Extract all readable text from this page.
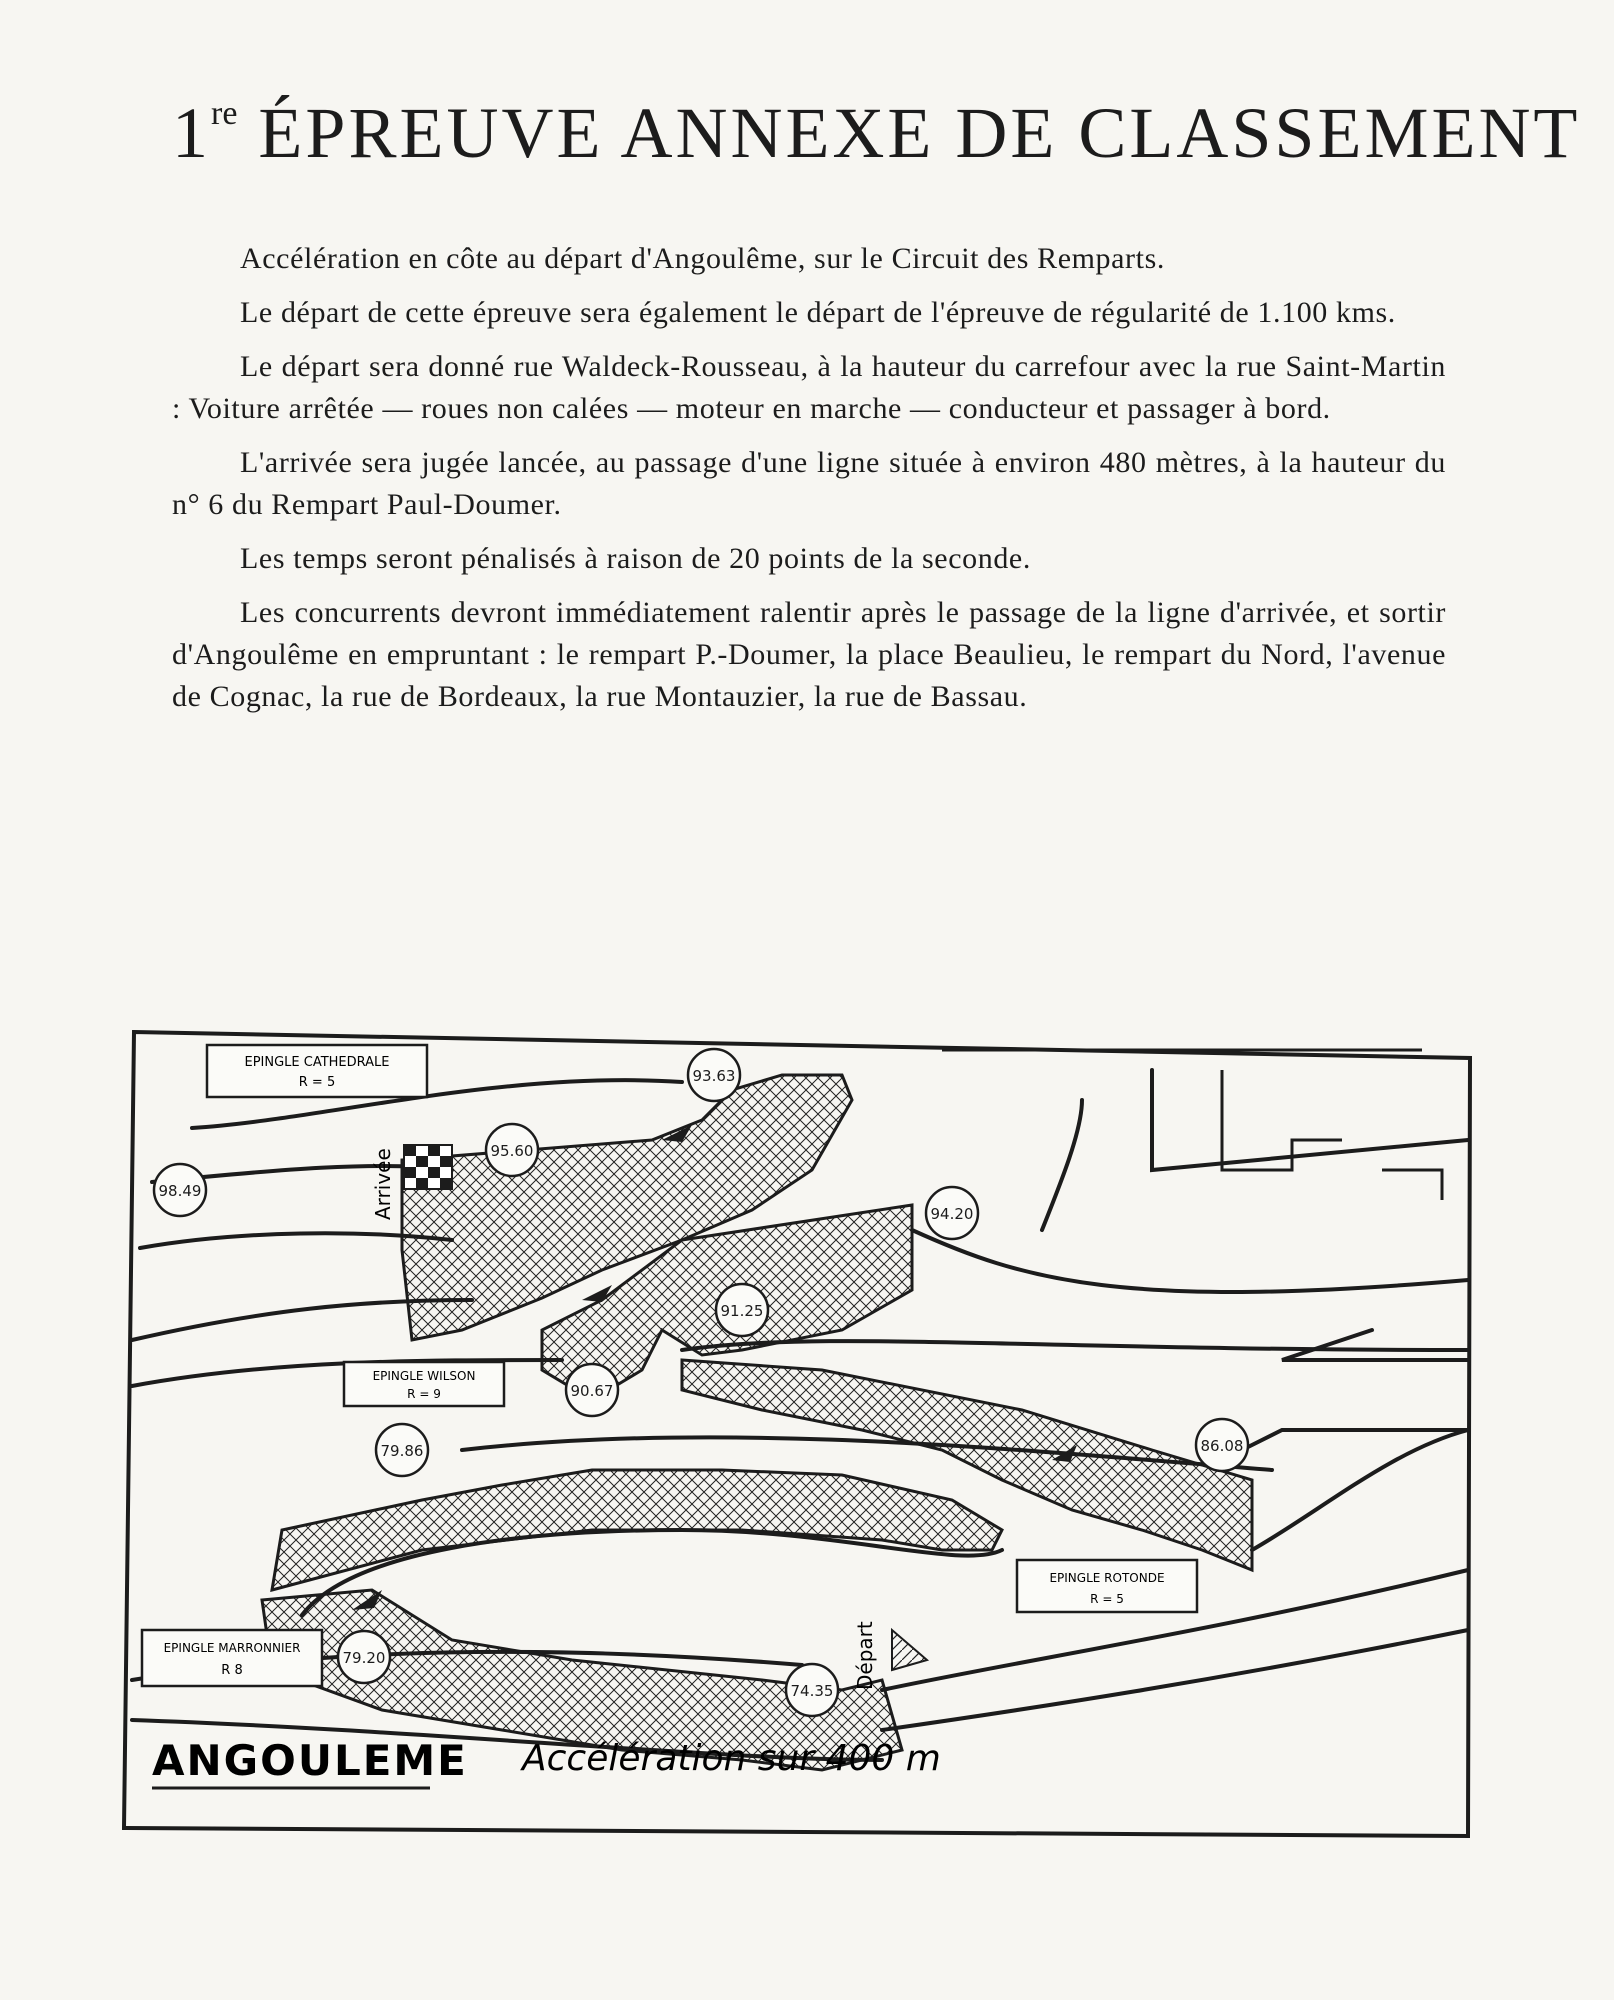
1re ÉPREUVE ANNEXE DE CLASSEMENT

Accélération en côte au départ d'Angoulême, sur le Circuit des Remparts.

Le départ de cette épreuve sera également le départ de l'épreuve de régularité de 1.100 kms.

Le départ sera donné rue Waldeck-Rousseau, à la hauteur du carrefour avec la rue Saint-Martin : Voiture arrêtée — roues non calées — moteur en marche — conducteur et passager à bord.

L'arrivée sera jugée lancée, au passage d'une ligne située à environ 480 mètres, à la hauteur du n° 6 du Rempart Paul-Doumer.

Les temps seront pénalisés à raison de 20 points de la seconde.

Les concurrents devront immédiatement ralentir après le passage de la ligne d'arrivée, et sortir d'Angoulême en empruntant : le rempart P.-Doumer, la place Beaulieu, le rempart du Nord, l'avenue de Cognac, la rue de Bordeaux, la rue Montauzier, la rue de Bassau.

Arrivée
Départ
EPINGLE CATHEDRALE
R = 5
EPINGLE WILSON
R = 9
EPINGLE MARRONNIER
R 8
EPINGLE ROTONDE
R = 5
98.49
95.60
93.63
94.20
91.25
90.67
79.86
79.20
74.35
86.08
ANGOULEME Accélération sur 400 m
